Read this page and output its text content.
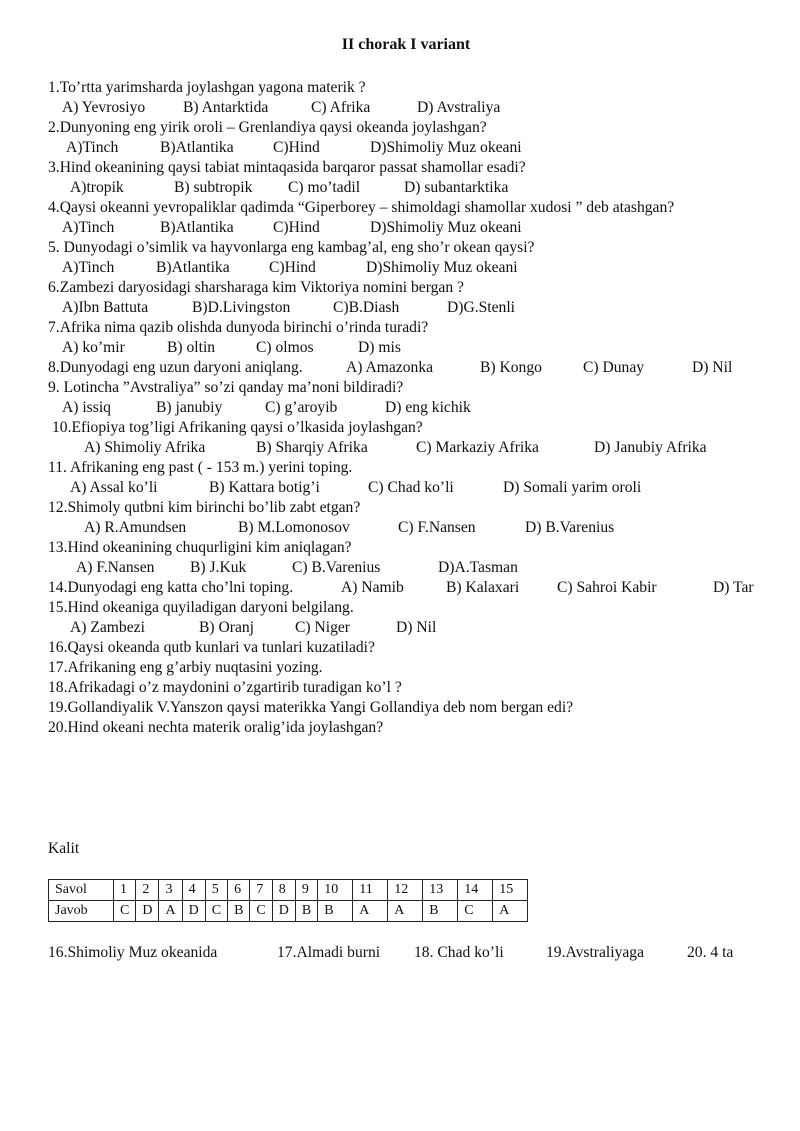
II chorak I variant
1.To’rtta yarimsharda joylashgan yagona materik ?
A) Yevrosiyo B) Antarktida	C) Afrika	D) Avstraliya
2.Dunyoning eng yirik oroli – Grenlandiya qaysi okeanda joylashgan?
A)Tinch	B)Atlantika	C)Hind	D)Shimoliy Muz okeani
3.Hind okeanining qaysi tabiat mintaqasida barqaror passat shamollar esadi?
A)tropik	B) subtropik C) mo’tadil	D) subantarktika
4.Qaysi okeanni yevropaliklar qadimda “Giperborey – shimoldagi shamollar xudosi ” deb atashgan?
A)Tinch	B)Atlantika	C)Hind	D)Shimoliy Muz okeani
5. Dunyodagi o’simlik va hayvonlarga eng kambag’al, eng sho’r okean qaysi?
A)Tinch	B)Atlantika	C)Hind	D)Shimoliy Muz okeani
6.Zambezi daryosidagi sharsharaga kim Viktoriya nomini bergan ?
A)Ibn Battuta	B)D.Livingston	C)B.Diash	D)G.Stenli
7.Afrika nima qazib olishda dunyoda birinchi o’rinda turadi?
A) ko’mir	B) oltin	C) olmos	D) mis
8.Dunyodagi eng uzun daryoni aniqlang.	A) Amazonka	B) Kongo	C) Dunay	D) Nil
9. Lotincha ”Avstraliya” so’zi qanday ma’noni bildiradi?
A) issiq	B) janubiy	C) g’aroyib	D) eng kichik
10.Efiopiya tog’ligi Afrikaning qaysi o’lkasida joylashgan?
A) Shimoliy Afrika	B) Sharqiy Afrika	C) Markaziy Afrika	D) Janubiy Afrika
11. Afrikaning eng past ( - 153 m.) yerini toping.
A) Assal ko’li	B) Kattara botig’i	C) Chad ko’li	D) Somali yarim oroli
12.Shimoly qutbni kim birinchi bo’lib zabt etgan?
A) R.Amundsen	B) M.Lomonosov	C) F.Nansen	D) B.Varenius
13.Hind okeanining chuqurligini kim aniqlagan?
A) F.Nansen B) J.Kuk	C) B.Varenius	D)A.Tasman
14.Dunyodagi eng katta cho’lni toping.	A) Namib	B) Kalaxari C) Sahroi Kabir	D) Tar
15.Hind okeaniga quyiladigan daryoni belgilang.
A) Zambezi	B) Oranj	C) Niger	D) Nil
16.Qaysi okeanda qutb kunlari va tunlari kuzatiladi?
17.Afrikaning eng g’arbiy nuqtasini yozing.
18.Afrikadagi o’z maydonini o’zgartirib turadigan ko’l ?
19.Gollandiyalik V.Yanszon qaysi materikka Yangi Gollandiya deb nom bergan edi?
20.Hind okeani nechta materik oralig’ida joylashgan?
Kalit
Savol	1	2	3	4	5	6	7	8	9	10	11	12	13	14	15
Javob	C	D	A	D	C	B	C	D	B	B	A	A	B	C	A
16.Shimoliy Muz okeanida	17.Almadi burni 18. Chad ko’li	19.Avstraliyaga	20. 4 ta
